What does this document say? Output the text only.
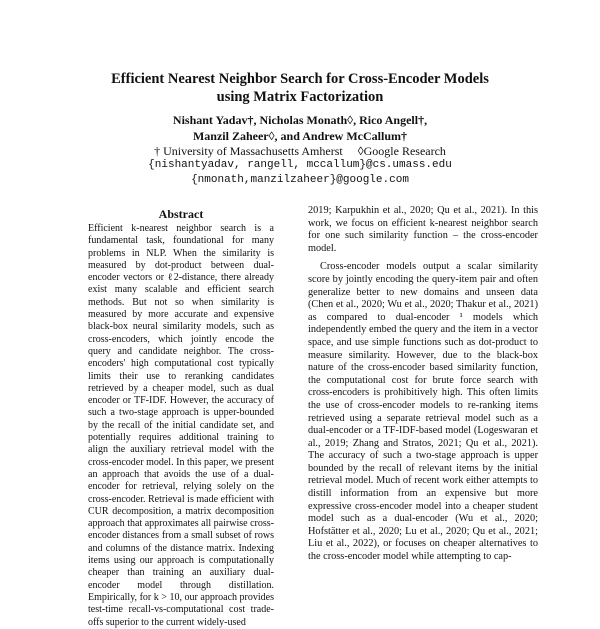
Efficient Nearest Neighbor Search for Cross-Encoder Models
using Matrix Factorization
Nishant Yadav†, Nicholas Monath◊, Rico Angell†,
Manzil Zaheer◊, and Andrew McCallum†
† University of Massachusetts Amherst     ◊Google Research
{nishantyadav, rangell, mccallum}@cs.umass.edu
{nmonath,manzilzaheer}@google.com
Abstract
Efficient k-nearest neighbor search is a fundamental task, foundational for many problems in NLP. When the similarity is measured by dot-product between dual-encoder vectors or ℓ2-distance, there already exist many scalable and efficient search methods. But not so when similarity is measured by more accurate and expensive black-box neural similarity models, such as cross-encoders, which jointly encode the query and candidate neighbor. The cross-encoders' high computational cost typically limits their use to reranking candidates retrieved by a cheaper model, such as dual encoder or TF-IDF. However, the accuracy of such a two-stage approach is upper-bounded by the recall of the initial candidate set, and potentially requires additional training to align the auxiliary retrieval model with the cross-encoder model. In this paper, we present an approach that avoids the use of a dual-encoder for retrieval, relying solely on the cross-encoder. Retrieval is made efficient with CUR decomposition, a matrix decomposition approach that approximates all pairwise cross-encoder distances from a small subset of rows and columns of the distance matrix. Indexing items using our approach is computationally cheaper than training an auxiliary dual-encoder model through distillation. Empirically, for k > 10, our approach provides test-time recall-vs-computational cost trade-offs superior to the current widely-used

2019; Karpukhin et al., 2020; Qu et al., 2021). In this work, we focus on efficient k-nearest neighbor search for one such similarity function – the cross-encoder model.

Cross-encoder models output a scalar similarity score by jointly encoding the query-item pair and often generalize better to new domains and unseen data (Chen et al., 2020; Wu et al., 2020; Thakur et al., 2021) as compared to dual-encoder ¹ models which independently embed the query and the item in a vector space, and use simple functions such as dot-product to measure similarity. However, due to the black-box nature of the cross-encoder based similarity function, the computational cost for brute force search with cross-encoders is prohibitively high. This often limits the use of cross-encoder models to re-ranking items retrieved using a separate retrieval model such as a dual-encoder or a TF-IDF-based model (Logeswaran et al., 2019; Zhang and Stratos, 2021; Qu et al., 2021). The accuracy of such a two-stage approach is upper bounded by the recall of relevant items by the initial retrieval model. Much of recent work either attempts to distill information from an expensive but more expressive cross-encoder model into a cheaper student model such as a dual-encoder (Wu et al., 2020; Hofstätter et al., 2020; Lu et al., 2020; Qu et al., 2021; Liu et al., 2022), or focuses on cheaper alternatives to the cross-encoder model while attempting to cap-
